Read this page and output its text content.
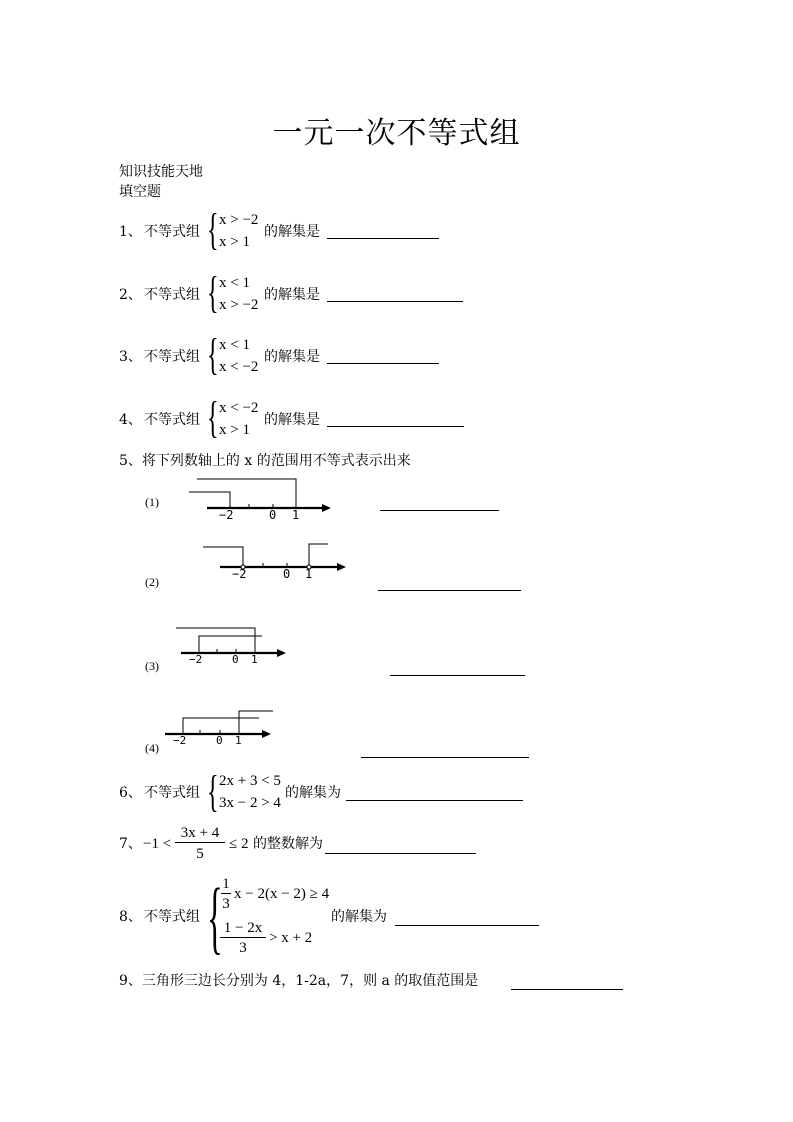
一元一次不等式组
知识技能天地
填空题
1、 不等式组 { x > −2
x > 1
的解集是
2、 不等式组 { x < 1
x > −2
的解集是
3、 不等式组 { x < 1
x < −2
的解集是
4、 不等式组 { x < −2
x > 1
的解集是
5、将下列数轴上的 x 的范围用不等式表示出来
(1)
−2	0 1
(2)
−2	0 1
(3)	−2	0 1
(4)
−2	0 1
6、 不等式组 { 2x + 3 < 5
3x − 2 > 4
的解集为
7、 −1 <
3x + 4
5
≤ 2 的整数解为
8、 不等式组 { 1
3
x − 2(x − 2) ≥ 4
1 − 2x
3
> x + 2
的解集为
9、三角形三边长分别为 4，1-2a，7，则 a 的取值范围是
